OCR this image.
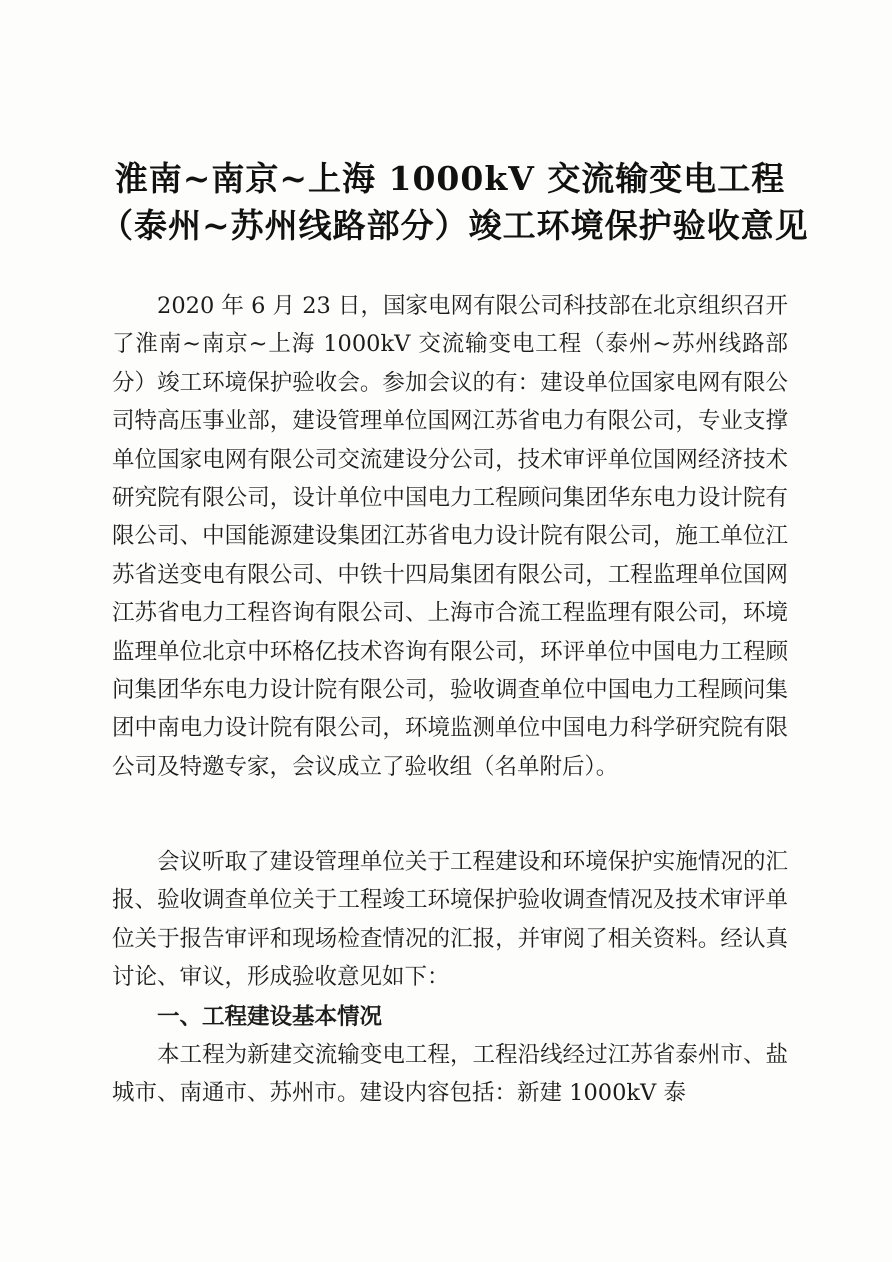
淮南~南京~上海 1000kV 交流输变电工程
（泰州~苏州线路部分）竣工环境保护验收意见

2020 年 6 月 23 日，国家电网有限公司科技部在北京组织召开了淮南~南京~上海 1000kV 交流输变电工程（泰州~苏州线路部分）竣工环境保护验收会。参加会议的有：建设单位国家电网有限公司特高压事业部，建设管理单位国网江苏省电力有限公司，专业支撑单位国家电网有限公司交流建设分公司，技术审评单位国网经济技术研究院有限公司，设计单位中国电力工程顾问集团华东电力设计院有限公司、中国能源建设集团江苏省电力设计院有限公司，施工单位江苏省送变电有限公司、中铁十四局集团有限公司，工程监理单位国网江苏省电力工程咨询有限公司、上海市合流工程监理有限公司，环境监理单位北京中环格亿技术咨询有限公司，环评单位中国电力工程顾问集团华东电力设计院有限公司，验收调查单位中国电力工程顾问集团中南电力设计院有限公司，环境监测单位中国电力科学研究院有限公司及特邀专家，会议成立了验收组（名单附后）。

会议听取了建设管理单位关于工程建设和环境保护实施情况的汇报、验收调查单位关于工程竣工环境保护验收调查情况及技术审评单位关于报告审评和现场检查情况的汇报，并审阅了相关资料。经认真讨论、审议，形成验收意见如下：

一、工程建设基本情况

本工程为新建交流输变电工程，工程沿线经过江苏省泰州市、盐城市、南通市、苏州市。建设内容包括：新建 1000kV 泰
